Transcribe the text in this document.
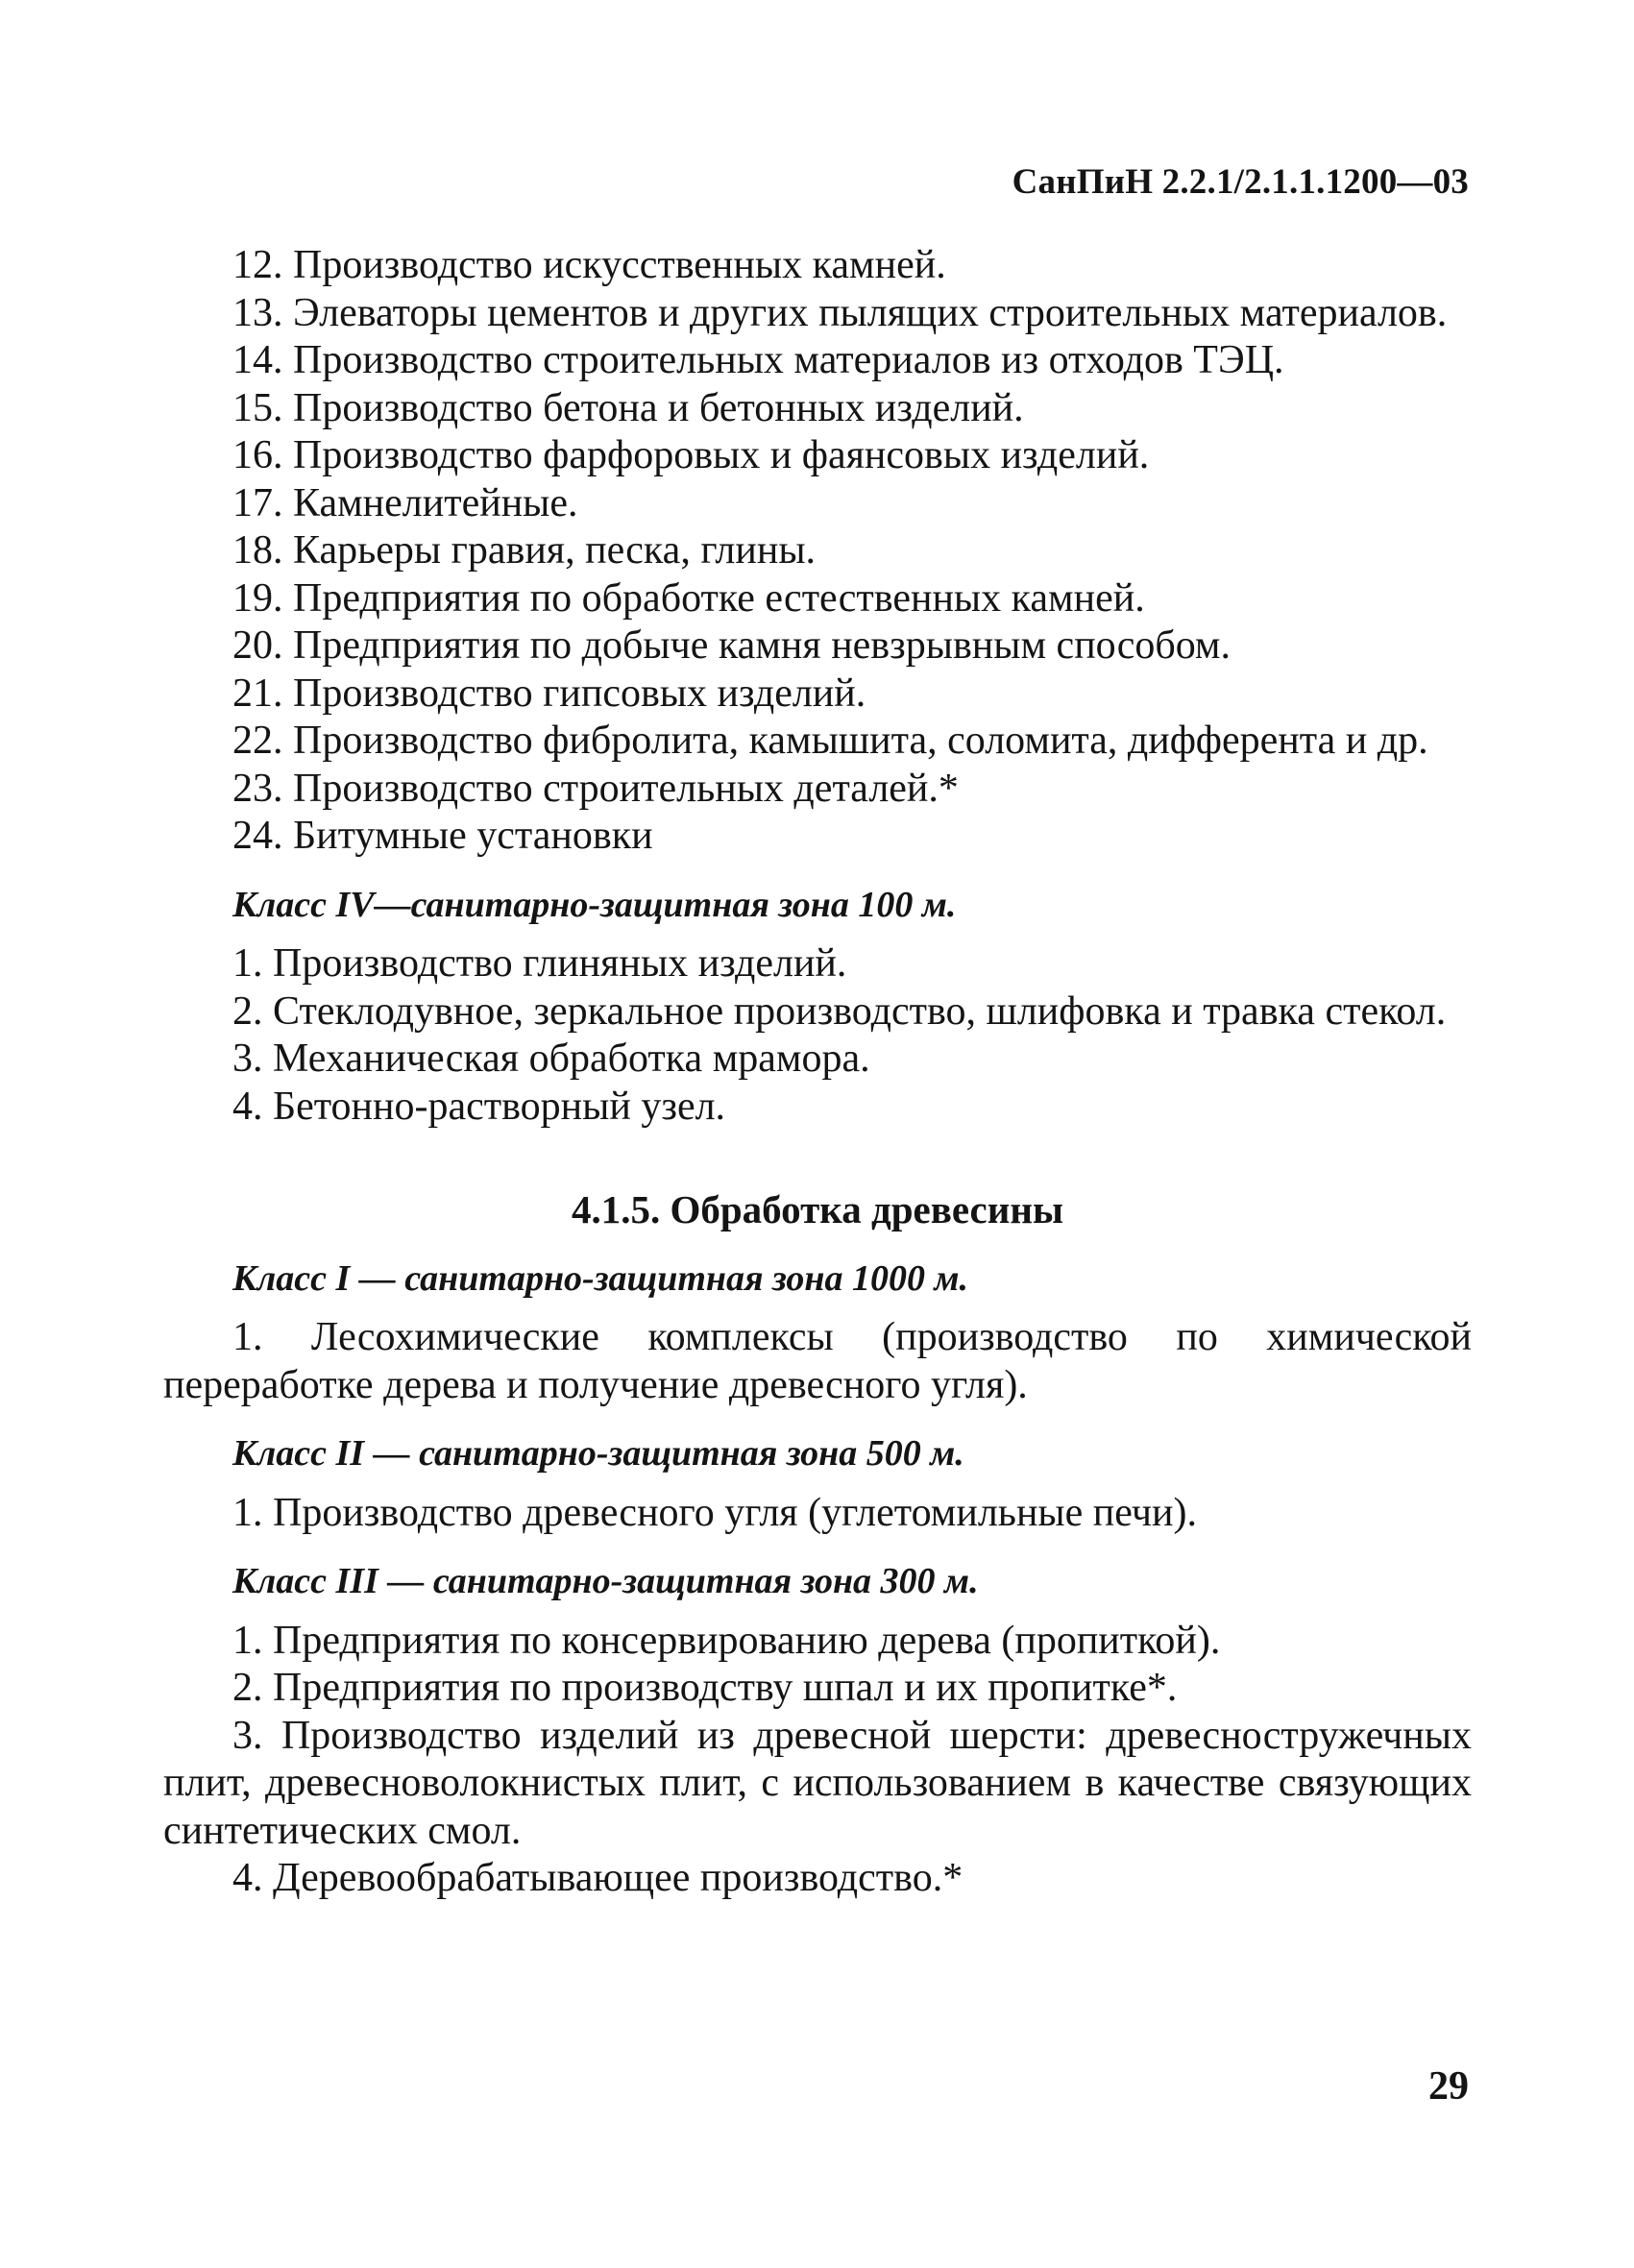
СанПиН 2.2.1/2.1.1.1200—03

12. Производство искусственных камней.

13. Элеваторы цементов и других пылящих строительных материалов.

14. Производство строительных материалов из отходов ТЭЦ.

15. Производство бетона и бетонных изделий.

16. Производство фарфоровых и фаянсовых изделий.

17. Камнелитейные.

18. Карьеры гравия, песка, глины.

19. Предприятия по обработке естественных камней.

20. Предприятия по добыче камня невзрывным способом.

21. Производство гипсовых изделий.

22. Производство фибролита, камышита, соломита, дифферента и др.

23. Производство строительных деталей.*

24. Битумные установки

Класс IV—санитарно-защитная зона 100 м.

1. Производство глиняных изделий.

2. Стеклодувное, зеркальное производство, шлифовка и травка стекол.

3. Механическая обработка мрамора.

4. Бетонно-растворный узел.

4.1.5. Обработка древесины

Класс I — санитарно-защитная зона 1000 м.

1. Лесохимические комплексы (производство по химической переработке дерева и получение древесного угля).

Класс II — санитарно-защитная зона 500 м.

1. Производство древесного угля (углетомильные печи).

Класс III — санитарно-защитная зона 300 м.

1. Предприятия по консервированию дерева (пропиткой).

2. Предприятия по производству шпал и их пропитке*.

3. Производство изделий из древесной шерсти: древесностружечных плит, древесноволокнистых плит, с использованием в качестве связующих синтетических смол.

4. Деревообрабатывающее производство.*

29
